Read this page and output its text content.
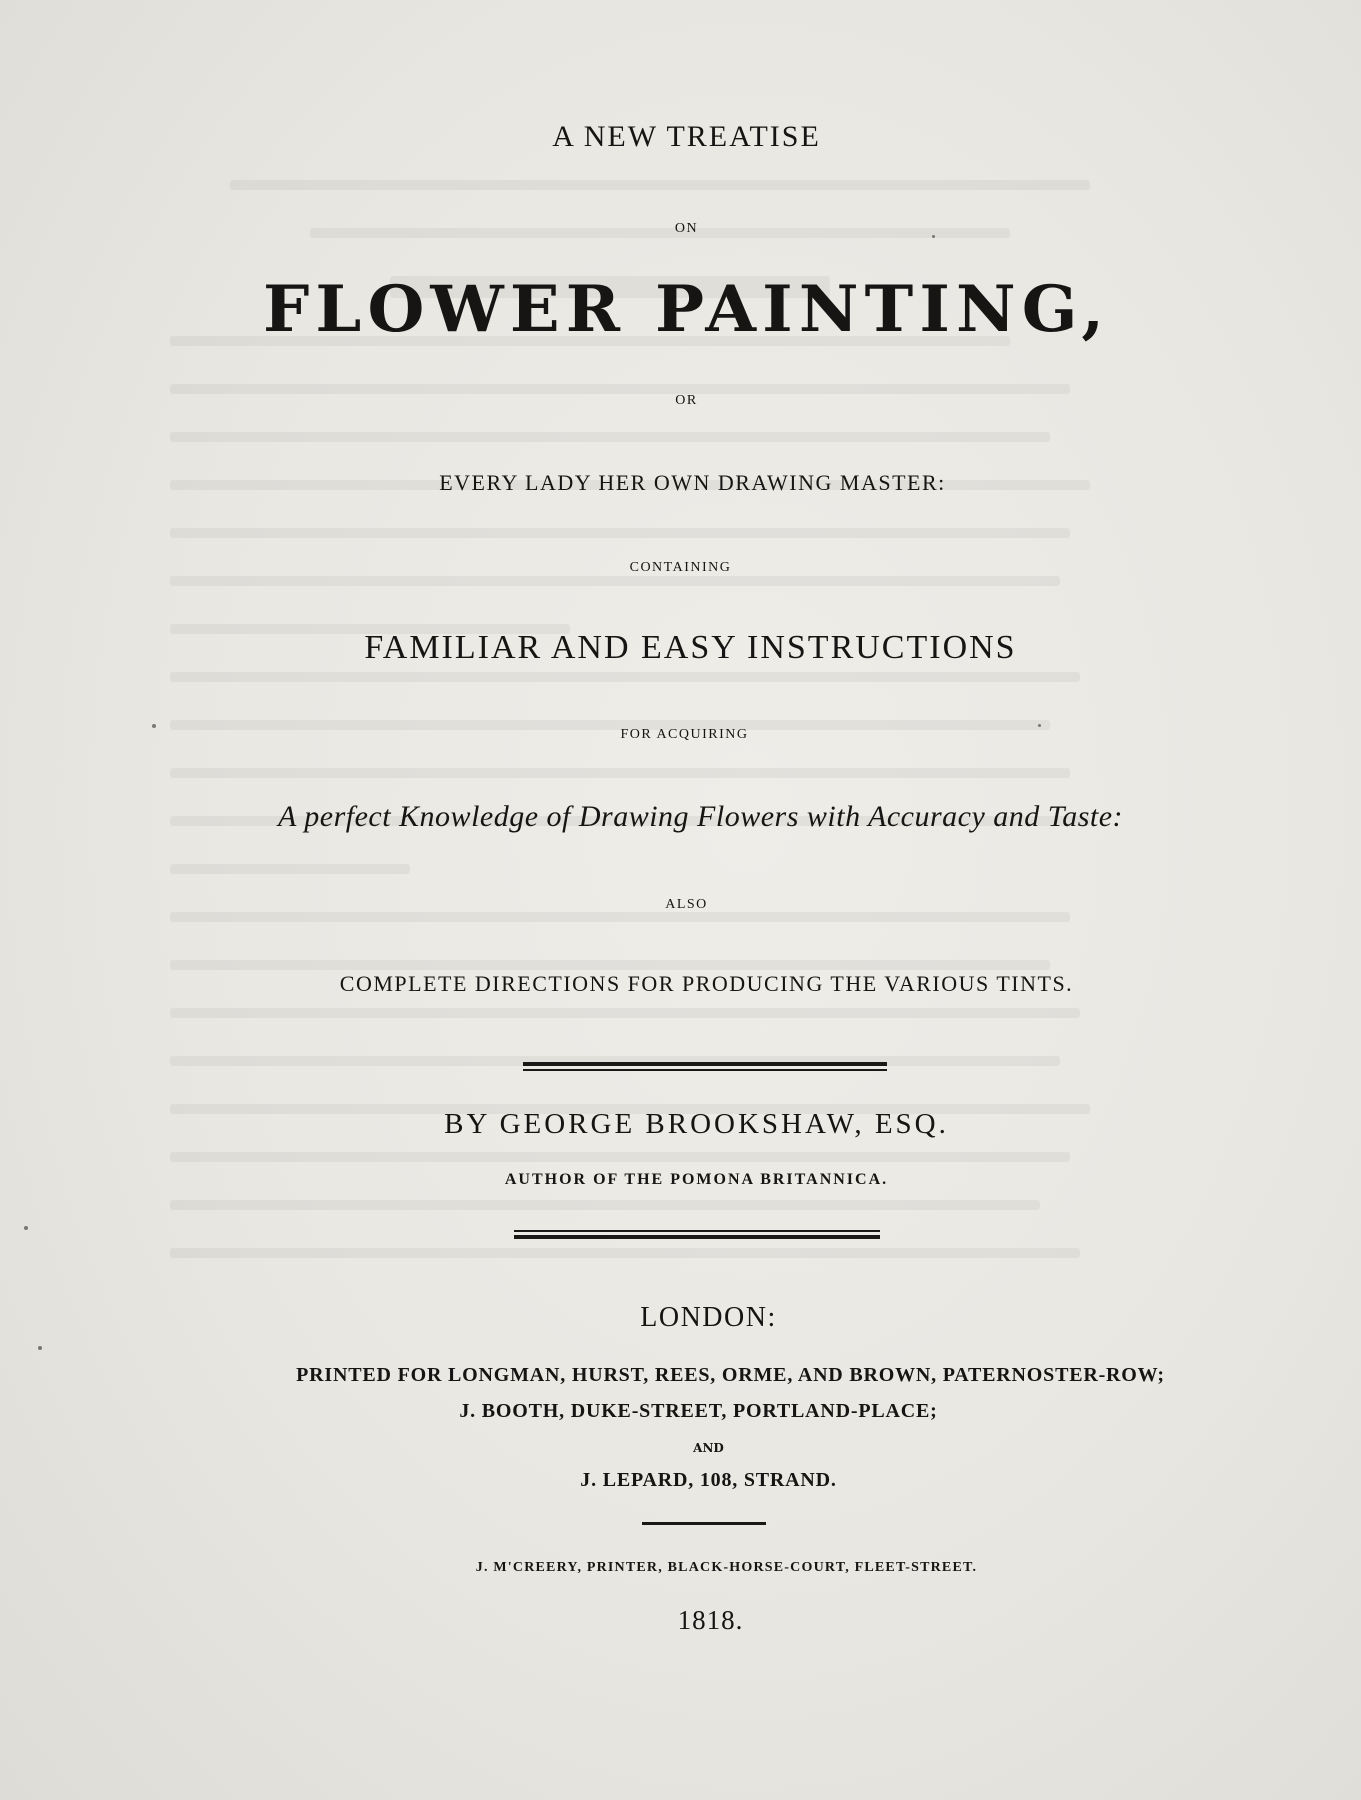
A NEW TREATISE
ON
FLOWER PAINTING,
OR
EVERY LADY HER OWN DRAWING MASTER:
CONTAINING
FAMILIAR AND EASY INSTRUCTIONS
FOR ACQUIRING
A perfect Knowledge of Drawing Flowers with Accuracy and Taste:
ALSO
COMPLETE DIRECTIONS FOR PRODUCING THE VARIOUS TINTS.
BY GEORGE BROOKSHAW, ESQ.
AUTHOR OF THE POMONA BRITANNICA.
LONDON:
PRINTED FOR LONGMAN, HURST, REES, ORME, AND BROWN, PATERNOSTER-ROW;
J. BOOTH, DUKE-STREET, PORTLAND-PLACE;
AND
J. LEPARD, 108, STRAND.
J. M'CREERY, PRINTER, BLACK-HORSE-COURT, FLEET-STREET.
1818.
